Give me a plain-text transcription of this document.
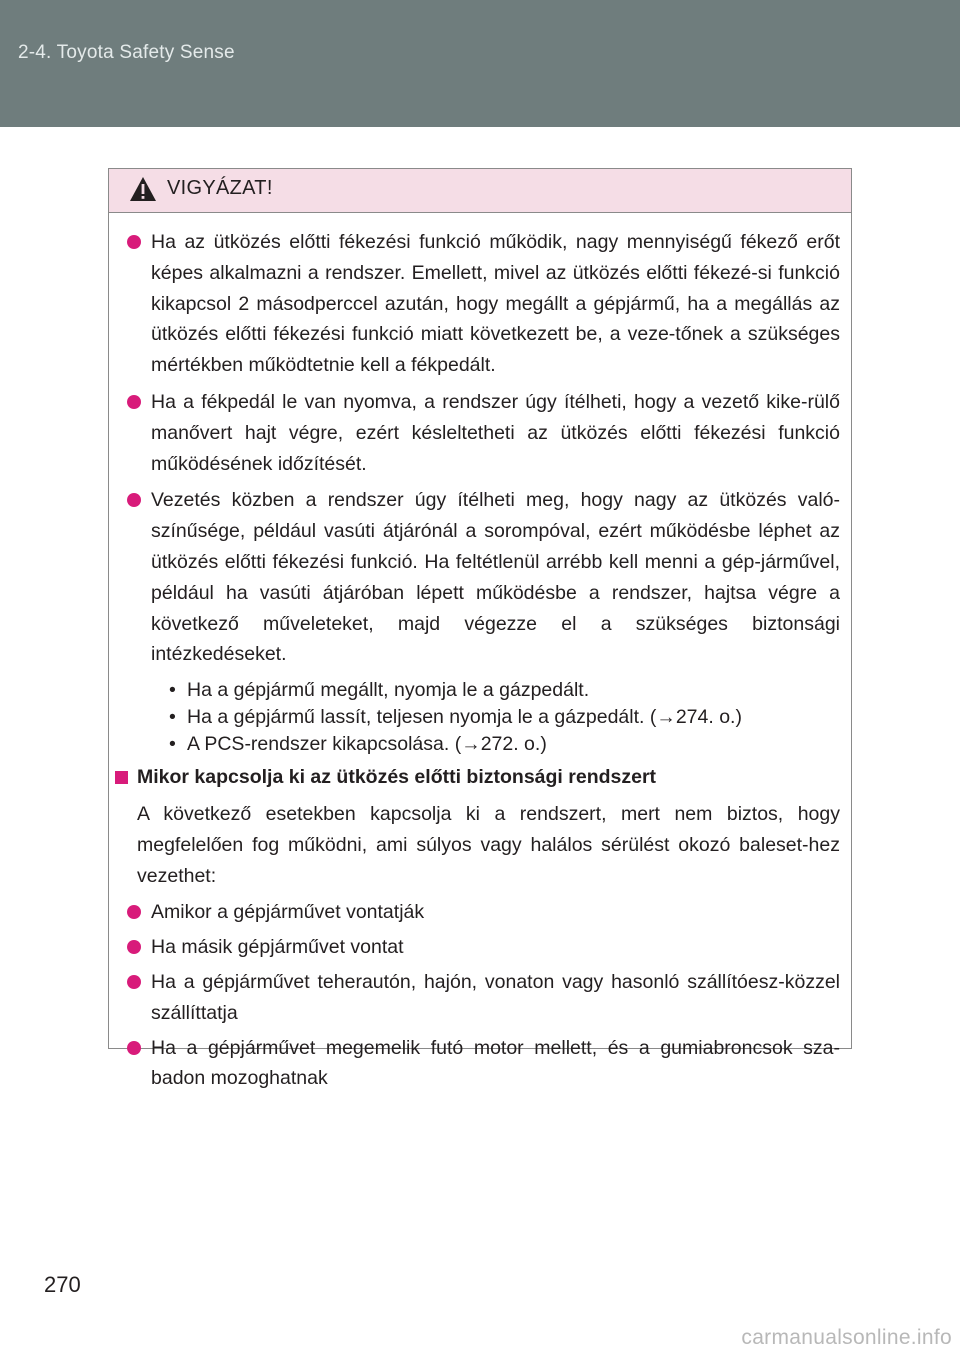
2-4. Toyota Safety Sense
VIGYÁZAT!

Ha az ütközés előtti fékezési funkció működik, nagy mennyiségű fékező erőt képes alkalmazni a rendszer. Emellett, mivel az ütközés előtti fékezé-si funkció kikapcsol 2 másodperccel azután, hogy megállt a gépjármű, ha a megállás az ütközés előtti fékezési funkció miatt következett be, a veze-tőnek a szükséges mértékben működtetnie kell a fékpedált.

Ha a fékpedál le van nyomva, a rendszer úgy ítélheti, hogy a vezető kike-rülő manővert hajt végre, ezért késleltetheti az ütközés előtti fékezési funkció működésének időzítését.

Vezetés közben a rendszer úgy ítélheti meg, hogy nagy az ütközés való-színűsége, például vasúti átjárónál a sorompóval, ezért működésbe léphet az ütközés előtti fékezési funkció. Ha feltétlenül arrébb kell menni a gép-járművel, például ha vasúti átjáróban lépett működésbe a rendszer, hajtsa végre a következő műveleteket, majd végezze el a szükséges biztonsági intézkedéseket.

• Ha a gépjármű megállt, nyomja le a gázpedált.
• Ha a gépjármű lassít, teljesen nyomja le a gázpedált. (→274. o.)
• A PCS-rendszer kikapcsolása. (→272. o.)

Mikor kapcsolja ki az ütközés előtti biztonsági rendszert

A következő esetekben kapcsolja ki a rendszert, mert nem biztos, hogy megfelelően fog működni, ami súlyos vagy halálos sérülést okozó baleset-hez vezethet:

Amikor a gépjárművet vontatják

Ha másik gépjárművet vontat

Ha a gépjárművet teherautón, hajón, vonaton vagy hasonló szállítóesz-közzel szállíttatja

Ha a gépjárművet megemelik futó motor mellett, és a gumiabroncsok sza-badon mozoghatnak

270
carmanualsonline.info
